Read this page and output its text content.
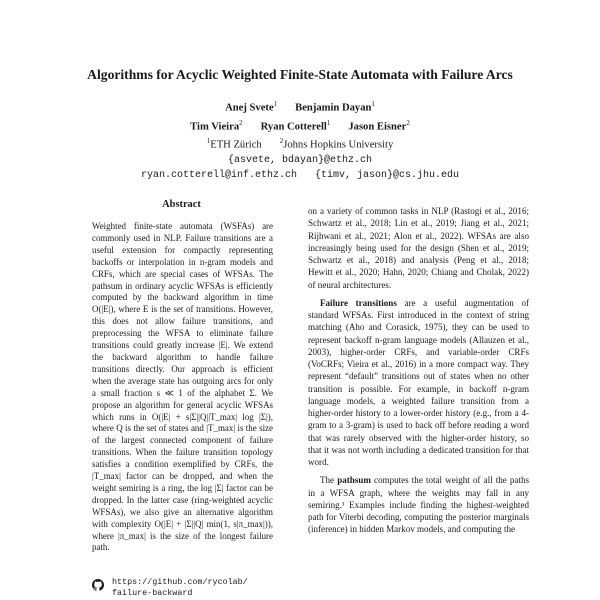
Algorithms for Acyclic Weighted Finite-State Automata with Failure Arcs
Anej Svete$^1$ Benjamin Dayan$^1$
Tim Vieira$^2$ Ryan Cotterell$^1$ Jason Eisner$^2$
$^1$ETH Zürich	$^2$Johns Hopkins University
{asvete, bdayan}@ethz.ch
ryan.cotterell@inf.ethz.ch {timv, jason}@cs.jhu.edu
Abstract
Weighted finite-state automata (WSFAs) are commonly used in NLP. Failure transitions are a useful extension for compactly representing backoffs or interpolation in n-gram models and CRFs, which are special cases of WFSAs. The pathsum in ordinary acyclic WFSAs is efficiently computed by the backward algorithm in time O(|E|), where E is the set of transitions. However, this does not allow failure transitions, and preprocessing the WFSA to eliminate failure transitions could greatly increase |E|. We extend the backward algorithm to handle failure transitions directly. Our approach is efficient when the average state has outgoing arcs for only a small fraction s ≪ 1 of the alphabet Σ. We propose an algorithm for general acyclic WFSAs which runs in O(|E| + s|Σ||Q||T_max| log |Σ|), where Q is the set of states and |T_max| is the size of the largest connected component of failure transitions. When the failure transition topology satisfies a condition exemplified by CRFs, the |T_max| factor can be dropped, and when the weight semiring is a ring, the log |Σ| factor can be dropped. In the latter case (ring-weighted acyclic WFSAs), we also give an alternative algorithm with complexity O(|E| + |Σ||Q| min(1, s|π_max|)), where |π_max| is the size of the longest failure path.
https://github.com/rycolab/
failure-backward

on a variety of common tasks in NLP (Rastogi et al., 2016; Schwartz et al., 2018; Lin et al., 2019; Jiang et al., 2021; Rijhwani et al., 2021; Alon et al., 2022). WFSAs are also increasingly being used for the design (Shen et al., 2019; Schwartz et al., 2018) and analysis (Peng et al., 2018; Hewitt et al., 2020; Hahn, 2020; Chiang and Cholak, 2022) of neural architectures.

Failure transitions are a useful augmentation of standard WFSAs. First introduced in the context of string matching (Aho and Corasick, 1975), they can be used to represent backoff n-gram language models (Allauzen et al., 2003), higher-order CRFs, and variable-order CRFs (VoCRFs; Vieira et al., 2016) in a more compact way. They represent “default” transitions out of states when no other transition is possible. For example, in backoff n-gram language models, a weighted failure transition from a higher-order history to a lower-order history (e.g., from a 4-gram to a 3-gram) is used to back off before reading a word that was rarely observed with the higher-order history, so that it was not worth including a dedicated transition for that word.

The pathsum computes the total weight of all the paths in a WFSA graph, where the weights may fall in any semiring.¹ Examples include finding the highest-weighted path for Viterbi decoding, computing the posterior marginals (inference) in hidden Markov models, and computing the
